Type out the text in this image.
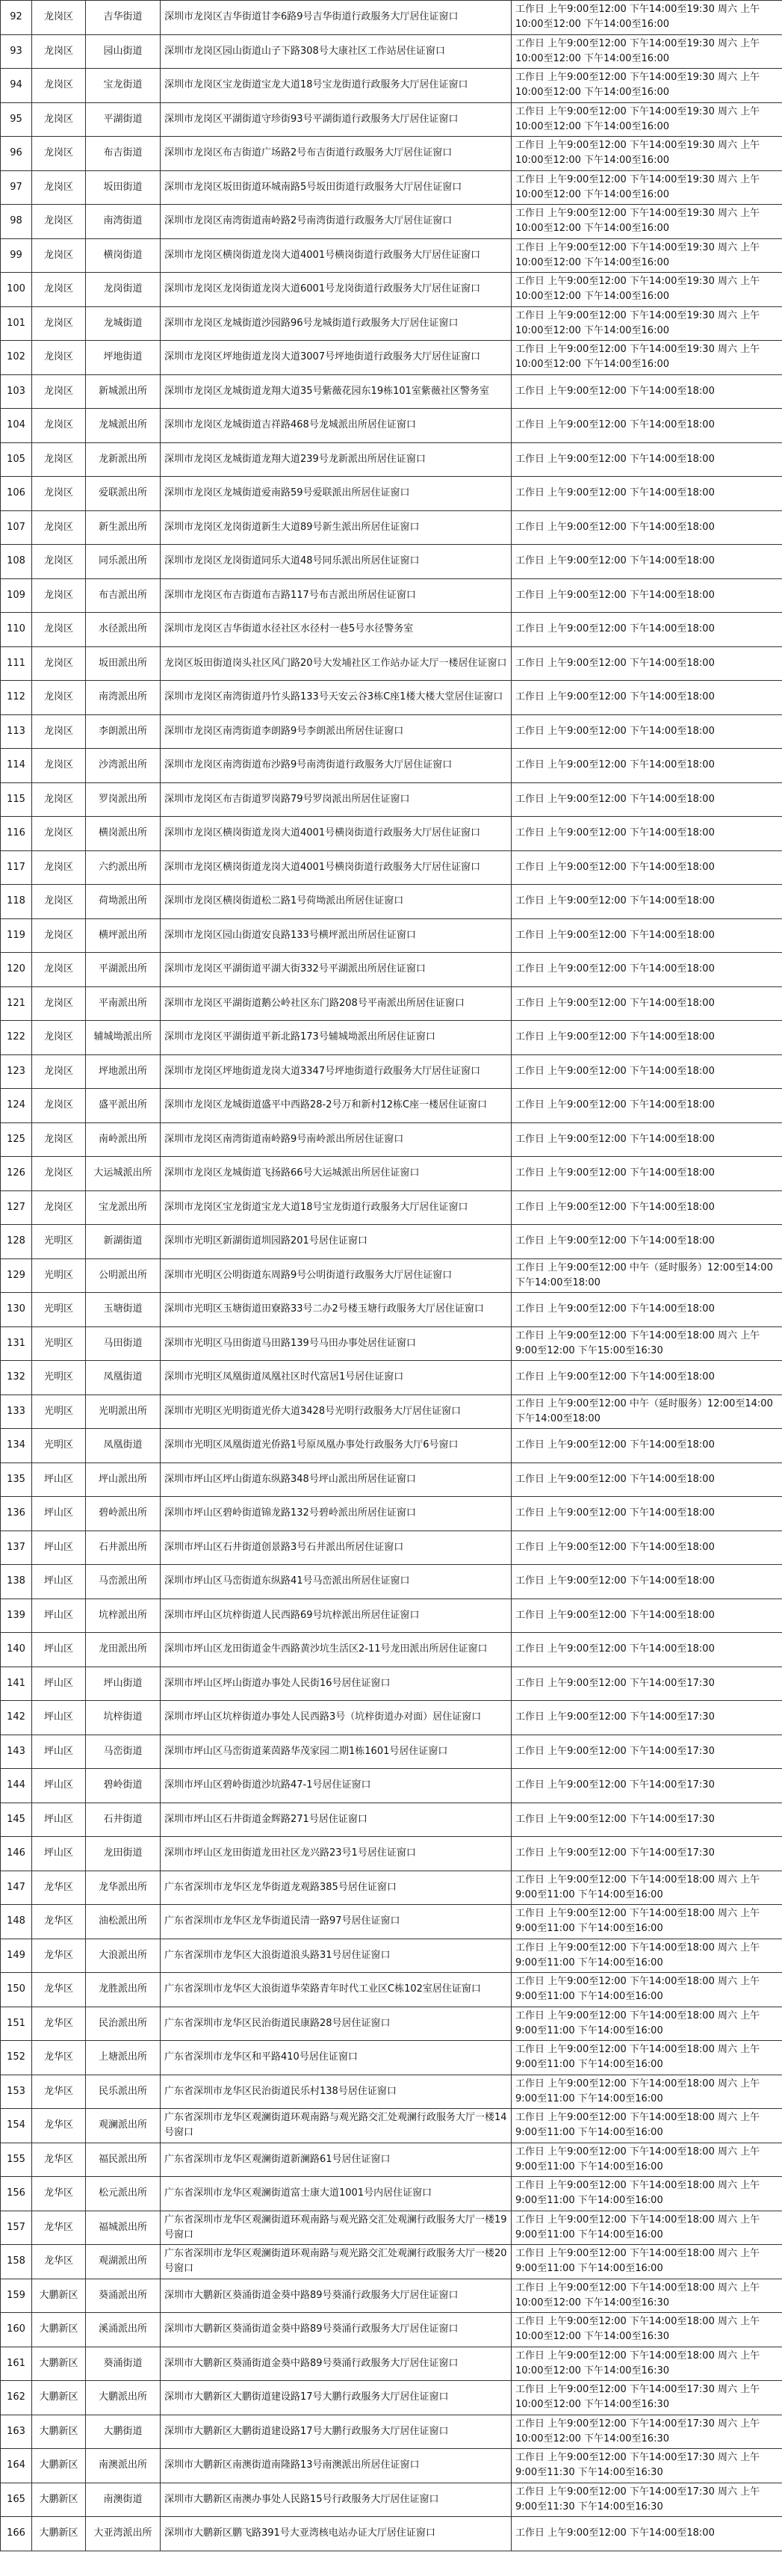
92	龙岗区	吉华街道	深圳市龙岗区吉华街道甘李6路9号吉华街道行政服务大厅居住证窗口	工作日 上午9:00至12:00 下午14:00至19:30 周六 上午10:00至12:00 下午14:00至16:00
93	龙岗区	园山街道	深圳市龙岗区园山街道山子下路308号大康社区工作站居住证窗口	工作日 上午9:00至12:00 下午14:00至19:30 周六 上午10:00至12:00 下午14:00至16:00
94	龙岗区	宝龙街道	深圳市龙岗区宝龙街道宝龙大道18号宝龙街道行政服务大厅居住证窗口	工作日 上午9:00至12:00 下午14:00至19:30 周六 上午10:00至12:00 下午14:00至16:00
95	龙岗区	平湖街道	深圳市龙岗区平湖街道守珍街93号平湖街道行政服务大厅居住证窗口	工作日 上午9:00至12:00 下午14:00至19:30 周六 上午10:00至12:00 下午14:00至16:00
96	龙岗区	布吉街道	深圳市龙岗区布吉街道广场路2号布吉街道行政服务大厅居住证窗口	工作日 上午9:00至12:00 下午14:00至19:30 周六 上午10:00至12:00 下午14:00至16:00
97	龙岗区	坂田街道	深圳市龙岗区坂田街道环城南路5号坂田街道行政服务大厅居住证窗口	工作日 上午9:00至12:00 下午14:00至19:30 周六 上午10:00至12:00 下午14:00至16:00
98	龙岗区	南湾街道	深圳市龙岗区南湾街道南岭路2号南湾街道行政服务大厅居住证窗口	工作日 上午9:00至12:00 下午14:00至19:30 周六 上午10:00至12:00 下午14:00至16:00
99	龙岗区	横岗街道	深圳市龙岗区横岗街道龙岗大道4001号横岗街道行政服务大厅居住证窗口	工作日 上午9:00至12:00 下午14:00至19:30 周六 上午10:00至12:00 下午14:00至16:00
100	龙岗区	龙岗街道	深圳市龙岗区龙岗街道龙岗大道6001号龙岗街道行政服务大厅居住证窗口	工作日 上午9:00至12:00 下午14:00至19:30 周六 上午10:00至12:00 下午14:00至16:00
101	龙岗区	龙城街道	深圳市龙岗区龙城街道沙园路96号龙城街道行政服务大厅居住证窗口	工作日 上午9:00至12:00 下午14:00至19:30 周六 上午10:00至12:00 下午14:00至16:00
102	龙岗区	坪地街道	深圳市龙岗区坪地街道龙岗大道3007号坪地街道行政服务大厅居住证窗口	工作日 上午9:00至12:00 下午14:00至19:30 周六 上午10:00至12:00 下午14:00至16:00
103	龙岗区	新城派出所	深圳市龙岗区龙城街道龙翔大道35号紫薇花园东19栋101室紫薇社区警务室	工作日 上午9:00至12:00 下午14:00至18:00
104	龙岗区	龙城派出所	深圳市龙岗区龙城街道吉祥路468号龙城派出所居住证窗口	工作日 上午9:00至12:00 下午14:00至18:00
105	龙岗区	龙新派出所	深圳市龙岗区龙城街道龙翔大道239号龙新派出所居住证窗口	工作日 上午9:00至12:00 下午14:00至18:00
106	龙岗区	爱联派出所	深圳市龙岗区龙城街道爱南路59号爱联派出所居住证窗口	工作日 上午9:00至12:00 下午14:00至18:00
107	龙岗区	新生派出所	深圳市龙岗区龙岗街道新生大道89号新生派出所居住证窗口	工作日 上午9:00至12:00 下午14:00至18:00
108	龙岗区	同乐派出所	深圳市龙岗区龙岗街道同乐大道48号同乐派出所居住证窗口	工作日 上午9:00至12:00 下午14:00至18:00
109	龙岗区	布吉派出所	深圳市龙岗区布吉街道布吉路117号布吉派出所居住证窗口	工作日 上午9:00至12:00 下午14:00至18:00
110	龙岗区	水径派出所	深圳市龙岗区吉华街道水径社区水径村一巷5号水径警务室	工作日 上午9:00至12:00 下午14:00至18:00
111	龙岗区	坂田派出所	龙岗区坂田街道岗头社区风门路20号大发埔社区工作站办证大厅一楼居住证窗口	工作日 上午9:00至12:00 下午14:00至18:00
112	龙岗区	南湾派出所	深圳市龙岗区南湾街道丹竹头路133号天安云谷3栋C座1楼大楼大堂居住证窗口	工作日 上午9:00至12:00 下午14:00至18:00
113	龙岗区	李朗派出所	深圳市龙岗区南湾街道李朗路9号李朗派出所居住证窗口	工作日 上午9:00至12:00 下午14:00至18:00
114	龙岗区	沙湾派出所	深圳市龙岗区南湾街道布沙路9号南湾街道行政服务大厅居住证窗口	工作日 上午9:00至12:00 下午14:00至18:00
115	龙岗区	罗岗派出所	深圳市龙岗区布吉街道罗岗路79号罗岗派出所居住证窗口	工作日 上午9:00至12:00 下午14:00至18:00
116	龙岗区	横岗派出所	深圳市龙岗区横岗街道龙岗大道4001号横岗街道行政服务大厅居住证窗口	工作日 上午9:00至12:00 下午14:00至18:00
117	龙岗区	六约派出所	深圳市龙岗区横岗街道龙岗大道4001号横岗街道行政服务大厅居住证窗口	工作日 上午9:00至12:00 下午14:00至18:00
118	龙岗区	荷坳派出所	深圳市龙岗区横岗街道松二路1号荷坳派出所居住证窗口	工作日 上午9:00至12:00 下午14:00至18:00
119	龙岗区	横坪派出所	深圳市龙岗区园山街道安良路133号横坪派出所居住证窗口	工作日 上午9:00至12:00 下午14:00至18:00
120	龙岗区	平湖派出所	深圳市龙岗区平湖街道平湖大街332号平湖派出所居住证窗口	工作日 上午9:00至12:00 下午14:00至18:00
121	龙岗区	平南派出所	深圳市龙岗区平湖街道鹅公岭社区东门路208号平南派出所居住证窗口	工作日 上午9:00至12:00 下午14:00至18:00
122	龙岗区	辅城坳派出所	深圳市龙岗区平湖街道平新北路173号辅城坳派出所居住证窗口	工作日 上午9:00至12:00 下午14:00至18:00
123	龙岗区	坪地派出所	深圳市龙岗区坪地街道龙岗大道3347号坪地街道行政服务大厅居住证窗口	工作日 上午9:00至12:00 下午14:00至18:00
124	龙岗区	盛平派出所	深圳市龙岗区龙城街道盛平中西路28-2号万和新村12栋C座一楼居住证窗口	工作日 上午9:00至12:00 下午14:00至18:00
125	龙岗区	南岭派出所	深圳市龙岗区南湾街道南岭路9号南岭派出所居住证窗口	工作日 上午9:00至12:00 下午14:00至18:00
126	龙岗区	大运城派出所	深圳市龙岗区龙城街道飞扬路66号大运城派出所居住证窗口	工作日 上午9:00至12:00 下午14:00至18:00
127	龙岗区	宝龙派出所	深圳市龙岗区宝龙街道宝龙大道18号宝龙街道行政服务大厅居住证窗口	工作日 上午9:00至12:00 下午14:00至18:00
128	光明区	新湖街道	深圳市光明区新湖街道圳园路201号居住证窗口	工作日 上午9:00至12:00 下午14:00至18:00
129	光明区	公明派出所	深圳市光明区公明街道东周路9号公明街道行政服务大厅居住证窗口	工作日 上午9:00至12:00 中午（延时服务）12:00至14:00 下午14:00至18:00
130	光明区	玉塘街道	深圳市光明区玉塘街道田寮路33号二办2号楼玉塘行政服务大厅居住证窗口	工作日 上午9:00至12:00 下午14:00至18:00
131	光明区	马田街道	深圳市光明区马田街道马田路139号马田办事处居住证窗口	工作日 上午9:00至12:00 下午14:00至18:00 周六 上午9:00至12:00 下午15:00至16:30
132	光明区	凤凰街道	深圳市光明区凤凰街道凤凰社区时代富居1号居住证窗口	工作日 上午9:00至12:00 下午14:00至18:00
133	光明区	光明派出所	深圳市光明区光明街道光侨大道3428号光明行政服务大厅居住证窗口	工作日 上午9:00至12:00 中午（延时服务）12:00至14:00 下午14:00至18:00
134	光明区	凤凰街道	深圳市光明区凤凰街道光侨路1号原凤凰办事处行政服务大厅6号窗口	工作日 上午9:00至12:00 下午14:00至18:00
135	坪山区	坪山派出所	深圳市坪山区坪山街道东纵路348号坪山派出所居住证窗口	工作日 上午9:00至12:00 下午14:00至18:00
136	坪山区	碧岭派出所	深圳市坪山区碧岭街道锦龙路132号碧岭派出所居住证窗口	工作日 上午9:00至12:00 下午14:00至18:00
137	坪山区	石井派出所	深圳市坪山区石井街道创景路3号石井派出所居住证窗口	工作日 上午9:00至12:00 下午14:00至18:00
138	坪山区	马峦派出所	深圳市坪山区马峦街道东纵路41号马峦派出所居住证窗口	工作日 上午9:00至12:00 下午14:00至18:00
139	坪山区	坑梓派出所	深圳市坪山区坑梓街道人民西路69号坑梓派出所居住证窗口	工作日 上午9:00至12:00 下午14:00至18:00
140	坪山区	龙田派出所	深圳市坪山区龙田街道金牛西路黄沙坑生活区2-11号龙田派出所居住证窗口	工作日 上午9:00至12:00 下午14:00至18:00
141	坪山区	坪山街道	深圳市坪山区坪山街道办事处人民街16号居住证窗口	工作日 上午9:00至12:00 下午14:00至17:30
142	坪山区	坑梓街道	深圳市坪山区坑梓街道办事处人民西路3号（坑梓街道办对面）居住证窗口	工作日 上午9:00至12:00 下午14:00至17:30
143	坪山区	马峦街道	深圳市坪山区马峦街道莱茵路华茂家园二期1栋1601号居住证窗口	工作日 上午9:00至12:00 下午14:00至17:30
144	坪山区	碧岭街道	深圳市坪山区碧岭街道沙坑路47-1号居住证窗口	工作日 上午9:00至12:00 下午14:00至17:30
145	坪山区	石井街道	深圳市坪山区石井街道金辉路271号居住证窗口	工作日 上午9:00至12:00 下午14:00至17:30
146	坪山区	龙田街道	深圳市坪山区龙田街道龙田社区龙兴路23号1号居住证窗口	工作日 上午9:00至12:00 下午14:00至17:30
147	龙华区	龙华派出所	广东省深圳市龙华区龙华街道龙观路385号居住证窗口	工作日 上午9:00至12:00 下午14:00至18:00 周六 上午9:00至11:00 下午14:00至16:00
148	龙华区	油松派出所	广东省深圳市龙华区龙华街道民清一路97号居住证窗口	工作日 上午9:00至12:00 下午14:00至18:00 周六 上午9:00至11:00 下午14:00至16:00
149	龙华区	大浪派出所	广东省深圳市龙华区大浪街道浪头路31号居住证窗口	工作日 上午9:00至12:00 下午14:00至18:00 周六 上午9:00至11:00 下午14:00至16:00
150	龙华区	龙胜派出所	广东省深圳市龙华区大浪街道华荣路青年时代工业区C栋102室居住证窗口	工作日 上午9:00至12:00 下午14:00至18:00 周六 上午9:00至11:00 下午14:00至16:00
151	龙华区	民治派出所	广东省深圳市龙华区民治街道民康路28号居住证窗口	工作日 上午9:00至12:00 下午14:00至18:00 周六 上午9:00至11:00 下午14:00至16:00
152	龙华区	上塘派出所	广东省深圳市龙华区和平路410号居住证窗口	工作日 上午9:00至12:00 下午14:00至18:00 周六 上午9:00至11:00 下午14:00至16:00
153	龙华区	民乐派出所	广东省深圳市龙华区民治街道民乐村138号居住证窗口	工作日 上午9:00至12:00 下午14:00至18:00 周六 上午9:00至11:00 下午14:00至16:00
154	龙华区	观澜派出所	广东省深圳市龙华区观澜街道环观南路与观光路交汇处观澜行政服务大厅一楼14号窗口	工作日 上午9:00至12:00 下午14:00至18:00 周六 上午9:00至11:00 下午14:00至16:00
155	龙华区	福民派出所	广东省深圳市龙华区观澜街道新澜路61号居住证窗口	工作日 上午9:00至12:00 下午14:00至18:00 周六 上午9:00至11:00 下午14:00至16:00
156	龙华区	松元派出所	广东省深圳市龙华区观澜街道富士康大道1001号内居住证窗口	工作日 上午9:00至12:00 下午14:00至18:00 周六 上午9:00至11:00 下午14:00至16:00
157	龙华区	福城派出所	广东省深圳市龙华区观澜街道环观南路与观光路交汇处观澜行政服务大厅一楼19号窗口	工作日 上午9:00至12:00 下午14:00至18:00 周六 上午9:00至11:00 下午14:00至16:00
158	龙华区	观湖派出所	广东省深圳市龙华区观澜街道环观南路与观光路交汇处观澜行政服务大厅一楼20号窗口	工作日 上午9:00至12:00 下午14:00至18:00 周六 上午9:00至11:00 下午14:00至16:00
159	大鹏新区	葵涌派出所	深圳市大鹏新区葵涌街道金葵中路89号葵涌行政服务大厅居住证窗口	工作日 上午9:00至12:00 下午14:00至18:00 周六 上午10:00至12:00 下午14:00至16:30
160	大鹏新区	溪涌派出所	深圳市大鹏新区葵涌街道金葵中路89号葵涌行政服务大厅居住证窗口	工作日 上午9:00至12:00 下午14:00至18:00 周六 上午10:00至12:00 下午14:00至16:30
161	大鹏新区	葵涌街道	深圳市大鹏新区葵涌街道金葵中路89号葵涌行政服务大厅居住证窗口	工作日 上午9:00至12:00 下午14:00至18:00 周六 上午10:00至12:00 下午14:00至16:30
162	大鹏新区	大鹏派出所	深圳市大鹏新区大鹏街道建设路17号大鹏行政服务大厅居住证窗口	工作日 上午9:00至12:00 下午14:00至17:30 周六 上午10:00至12:00 下午14:00至16:30
163	大鹏新区	大鹏街道	深圳市大鹏新区大鹏街道建设路17号大鹏行政服务大厅居住证窗口	工作日 上午9:00至12:00 下午14:00至17:30 周六 上午10:00至12:00 下午14:00至16:30
164	大鹏新区	南澳派出所	深圳市大鹏新区南澳街道南隆路13号南澳派出所居住证窗口	工作日 上午9:00至12:00 下午14:00至17:30 周六 上午9:00至11:30 下午14:00至16:30
165	大鹏新区	南澳街道	深圳市大鹏新区南澳办事处人民路15号行政服务大厅居住证窗口	工作日 上午9:00至12:00 下午14:00至17:30 周六 上午9:00至11:30 下午14:00至16:30
166	大鹏新区	大亚湾派出所	深圳市大鹏新区鹏飞路391号大亚湾核电站办证大厅居住证窗口	工作日 上午9:00至12:00 下午14:00至18:00
